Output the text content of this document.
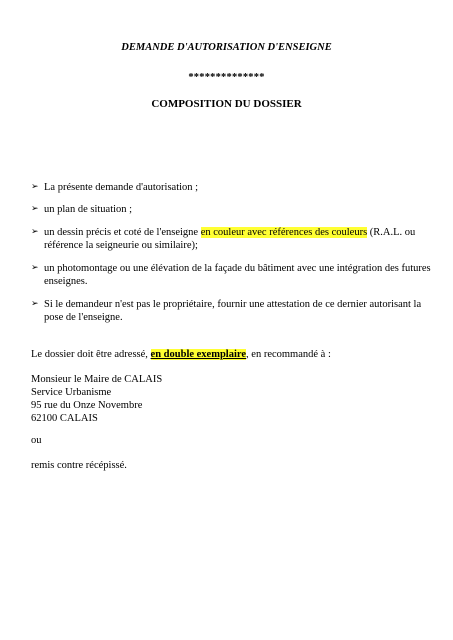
DEMANDE D'AUTORISATION D'ENSEIGNE
**************
COMPOSITION DU DOSSIER
➢ La présente demande d'autorisation ;
➢ un plan de situation ;
➢ un dessin précis et coté de l'enseigne en couleur avec références des couleurs (R.A.L. ou référence la seigneurie ou similaire);
➢ un photomontage ou une élévation de la façade du bâtiment avec une intégration des futures enseignes.
➢ Si le demandeur n'est pas le propriétaire, fournir une attestation de ce dernier autorisant la pose de l'enseigne.
Le dossier doit être adressé, en double exemplaire, en recommandé à :
Monsieur le Maire de CALAIS
Service Urbanisme
95 rue du Onze Novembre
62100 CALAIS
ou
remis contre récépissé.
